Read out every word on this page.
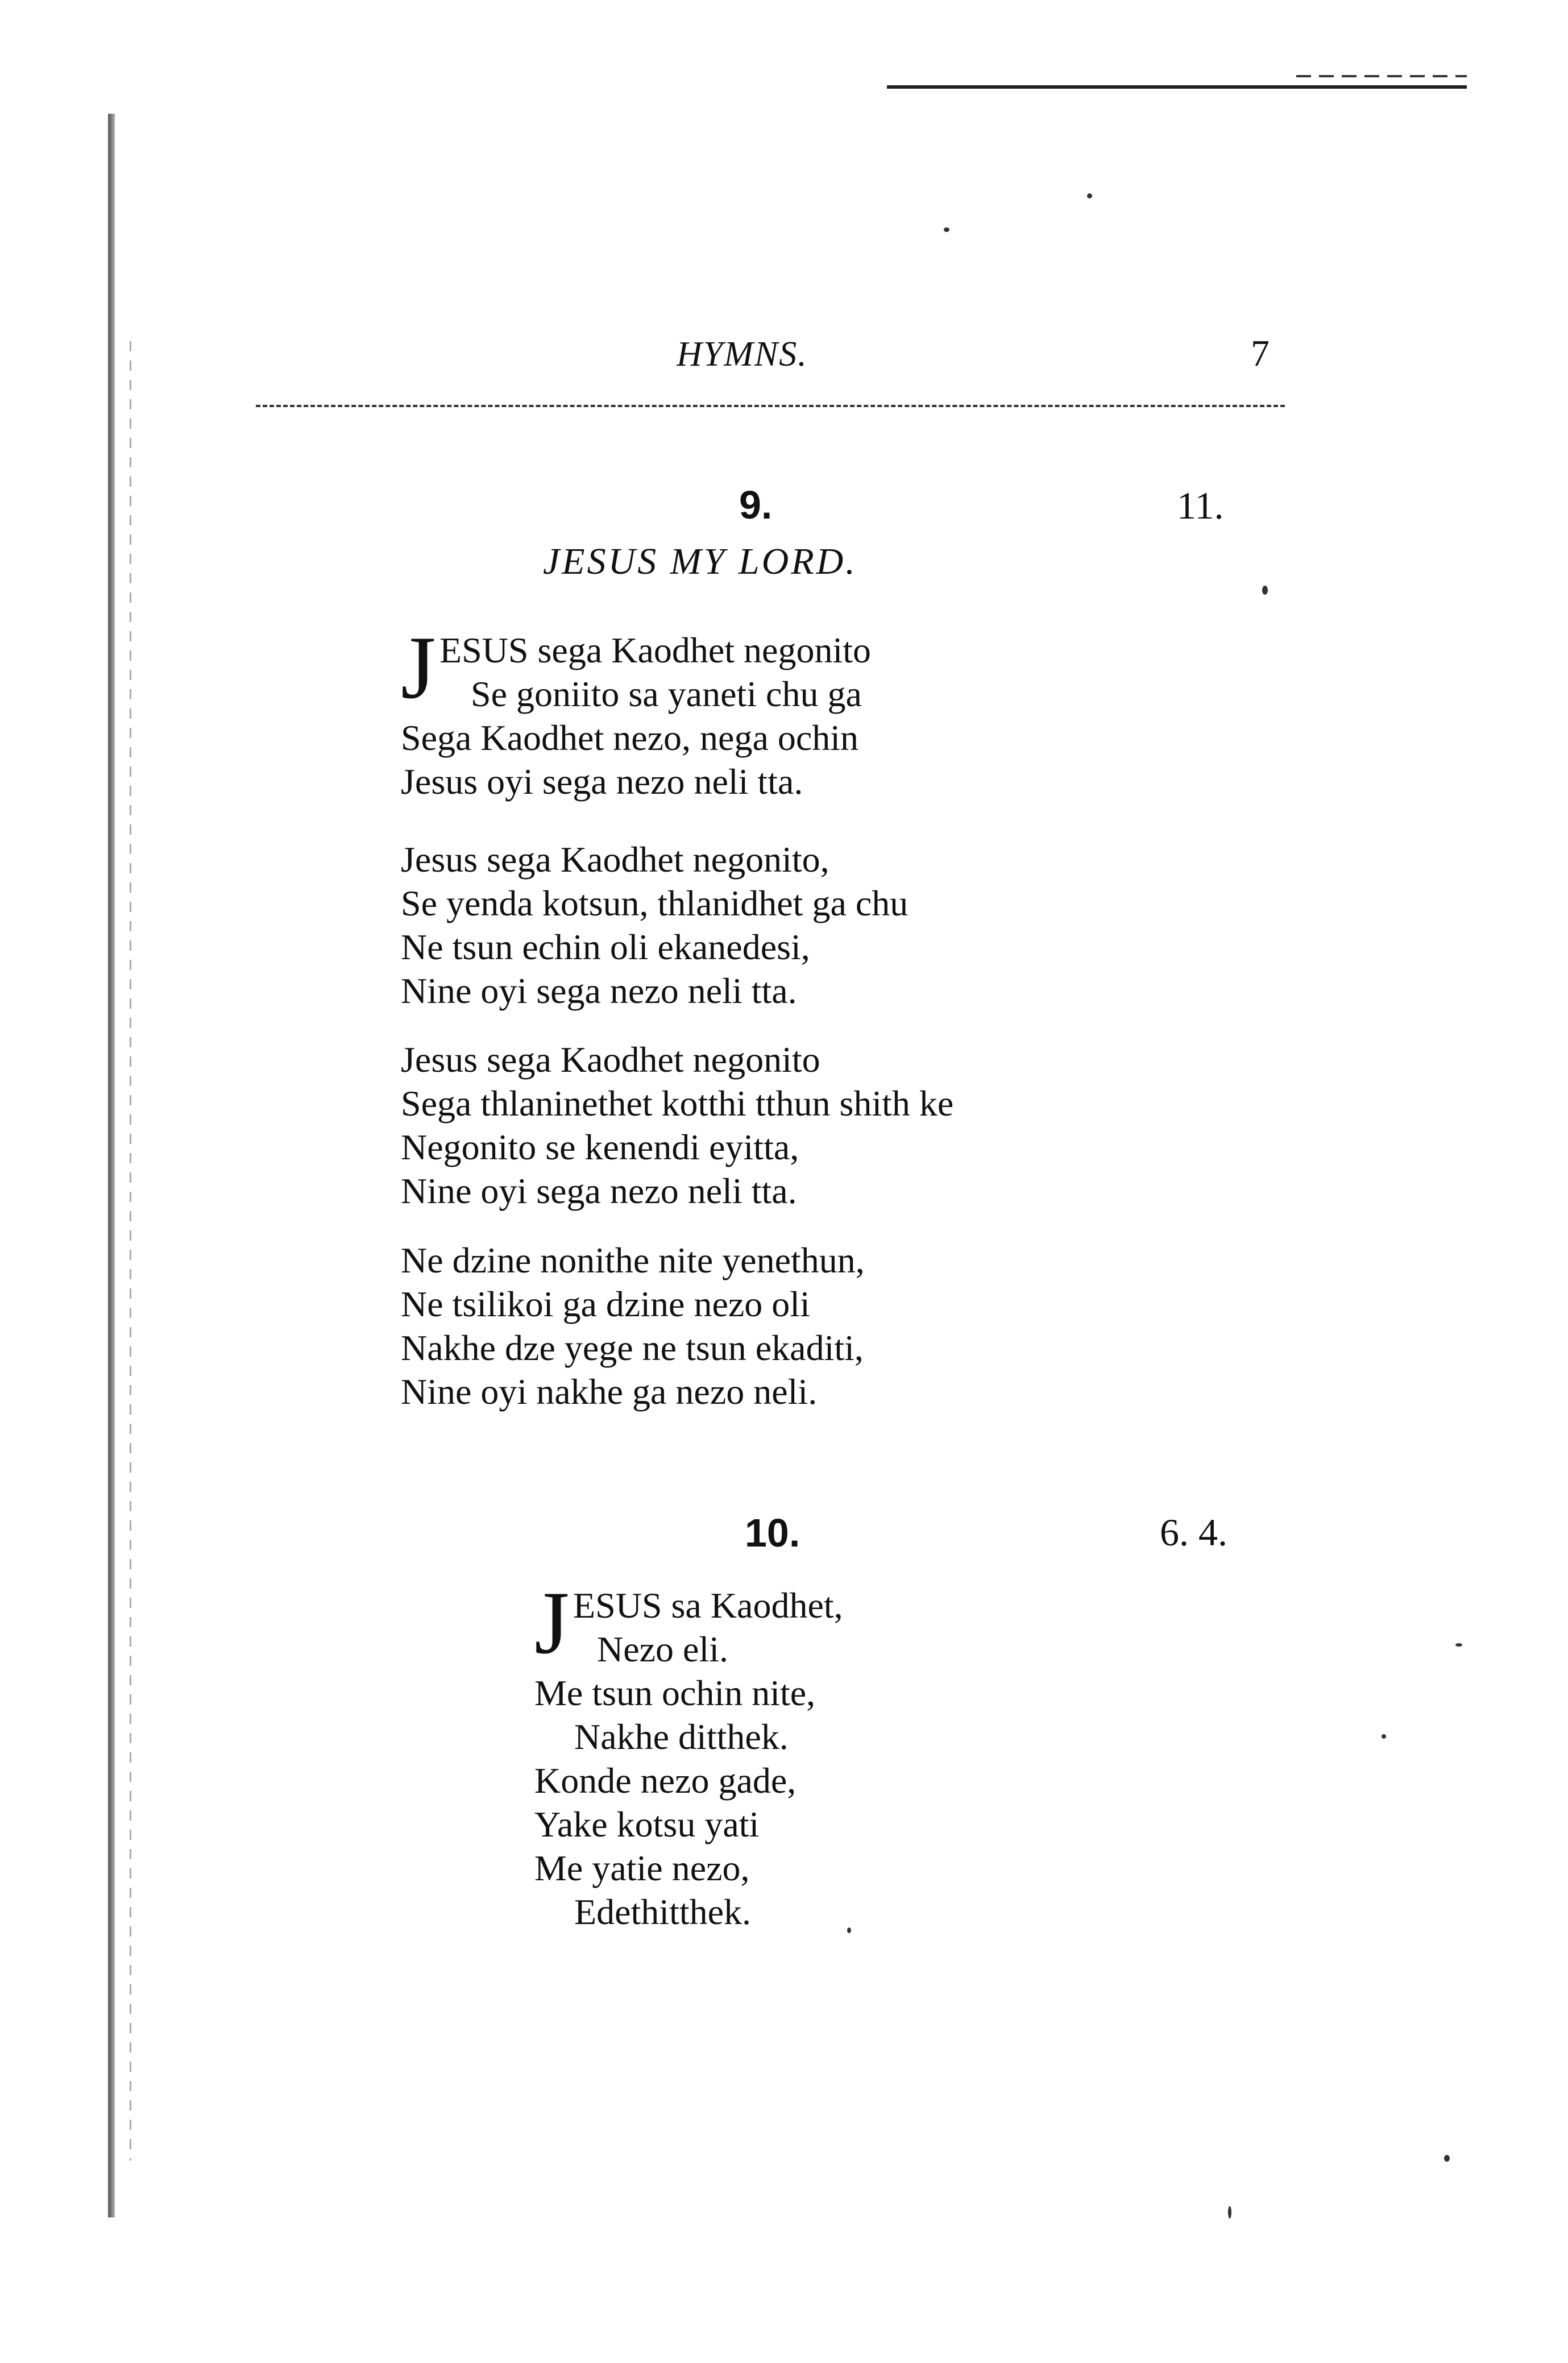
HYMNS.	7
9.	11.
JESUS MY LORD.
J ESUS sega Kaodhet negonito
Se goniito sa yaneti chu ga
Sega Kaodhet nezo, nega ochin
Jesus oyi sega nezo neli tta.
Jesus sega Kaodhet negonito,
Se yenda kotsun, thlanidhet ga chu
Ne tsun echin oli ekanedesi,
Nine oyi sega nezo neli tta.
Jesus sega Kaodhet negonito
Sega thlaninethet kotthi tthun shith ke
Negonito se kenendi eyitta,
Nine oyi sega nezo neli tta.
Ne dzine nonithe nite yenethun,
Ne tsilikoi ga dzine nezo oli
Nakhe dze yege ne tsun ekaditi,
Nine oyi nakhe ga nezo neli.
10.	6. 4.
J ESUS sa Kaodhet,
Nezo eli.
Me tsun ochin nite,
Nakhe ditthek.
Konde nezo gade,
Yake kotsu yati
Me yatie nezo,
Edethitthek.
